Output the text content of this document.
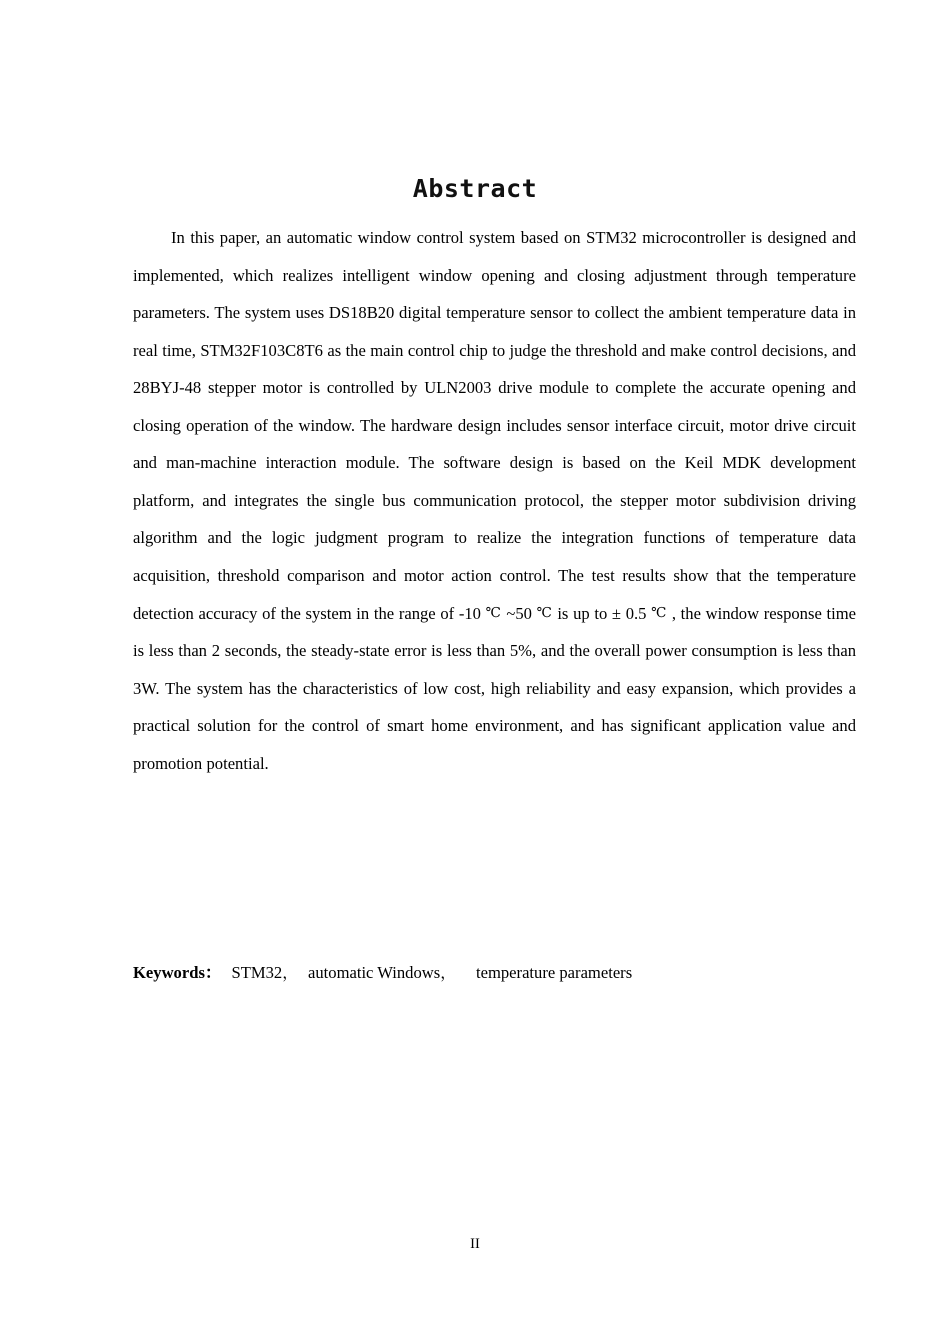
Abstract

In this paper, an automatic window control system based on STM32 microcontroller is designed and implemented, which realizes intelligent window opening and closing adjustment through temperature parameters. The system uses DS18B20 digital temperature sensor to collect the ambient temperature data in real time, STM32F103C8T6 as the main control chip to judge the threshold and make control decisions, and 28BYJ-48 stepper motor is controlled by ULN2003 drive module to complete the accurate opening and closing operation of the window. The hardware design includes sensor interface circuit, motor drive circuit and man-machine interaction module. The software design is based on the Keil MDK development platform, and integrates the single bus communication protocol, the stepper motor subdivision driving algorithm and the logic judgment program to realize the integration functions of temperature data acquisition, threshold comparison and motor action control. The test results show that the temperature detection accuracy of the system in the range of -10 ℃ ~50 ℃ is up to ± 0.5 ℃ , the window response time is less than 2 seconds, the steady-state error is less than 5%, and the overall power consumption is less than 3W. The system has the characteristics of low cost, high reliability and easy expansion, which provides a practical solution for the control of smart home environment, and has significant application value and promotion potential.

Keywords： STM32， automatic Windows， temperature parameters
II
